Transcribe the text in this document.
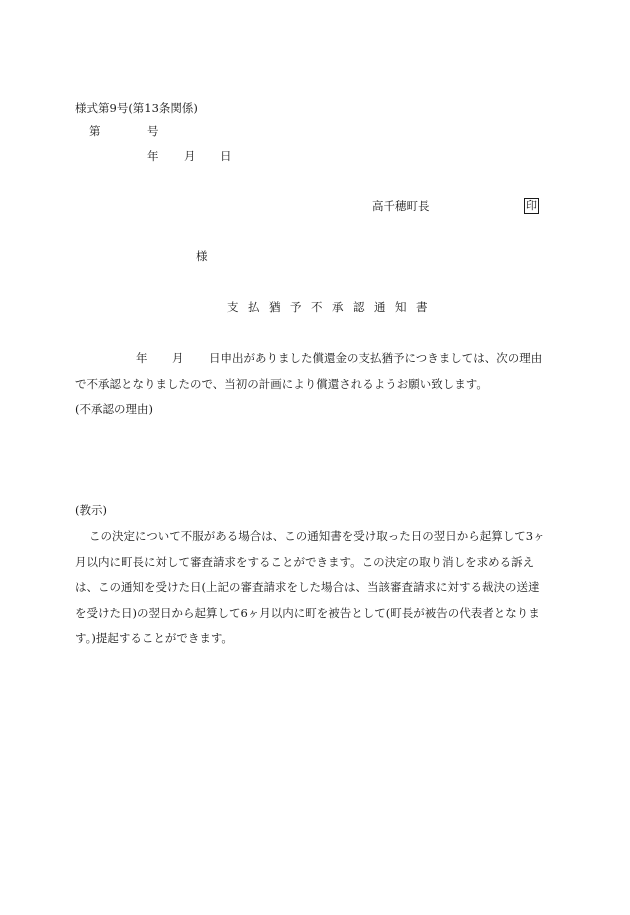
様式第9号(第13条関係)
第	号
年 月 日
高千穂町長	印
様
支 払 猶 予 不 承 認 通 知 書
年 月 日申出がありました償還金の支払猶予につきましては、次の理由
で不承認となりましたので、当初の計画により償還されるようお願い致します。
(不承認の理由)
(教示)
この決定について不服がある場合は、この通知書を受け取った日の翌日から起算して3ヶ
月以内に町長に対して審査請求をすることができます。この決定の取り消しを求める訴え
は、この通知を受けた日(上記の審査請求をした場合は、当該審査請求に対する裁決の送達
を受けた日)の翌日から起算して6ヶ月以内に町を被告として(町長が被告の代表者となりま
す。)提起することができます。
